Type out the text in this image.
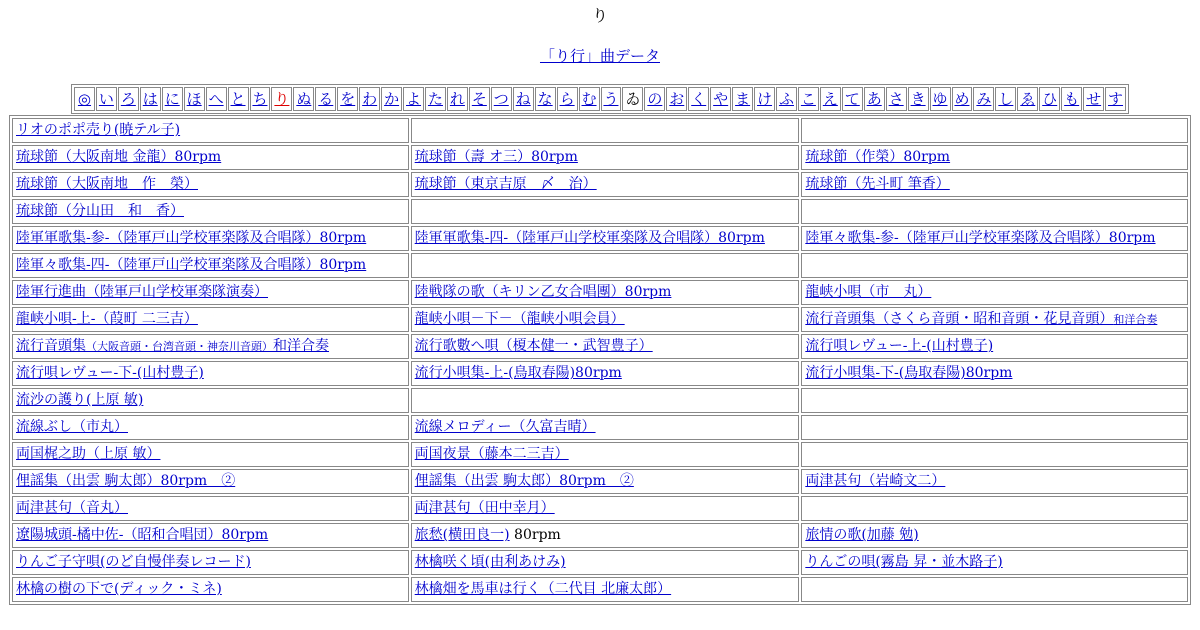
り
「り行」曲データ
◎ い ろ は に ほ へ と ち り ぬ る を わ か よ た れ そ つ ね な ら む う ゐ の お く や ま け ふ こ え て あ さ き ゆ め み し ゑ ひ も せ す
リオのポポ売り(暁テル子)		
琉球節（大阪南地 金龍）80rpm	琉球節（壽 オ三）80rpm	琉球節（作榮）80rpm
琉球節（大阪南地　作　榮）	琉球節（東京吉原　〆　治）	琉球節（先斗町 筆香）
琉球節（分山田　和　香）		
陸軍軍歌集-参-（陸軍戸山学校軍楽隊及合唱隊）80rpm	陸軍軍歌集-四-（陸軍戸山学校軍楽隊及合唱隊）80rpm	陸軍々歌集-参-（陸軍戸山学校軍楽隊及合唱隊）80rpm
陸軍々歌集-四-（陸軍戸山学校軍楽隊及合唱隊）80rpm		
陸軍行進曲（陸軍戸山学校軍楽隊演奏）	陸戦隊の歌（キリン乙女合唱團）80rpm	龍峡小唄（市　丸）
龍峡小唄-上-（葭町 二三吉）	龍峡小唄－下－（龍峡小唄会員）	流行音頭集（さくら音頭・昭和音頭・花見音頭）和洋合奏
流行音頭集（大阪音頭・台湾音頭・神奈川音頭）和洋合奏	流行歌數へ唄（榎本健一・武智豊子）	流行唄レヴュー-上-(山村豊子)
流行唄レヴュー-下-(山村豊子)	流行小唄集-上-(鳥取春陽)80rpm	流行小唄集-下-(鳥取春陽)80rpm
流沙の護り(上原 敏)		
流線ぶし（市丸）	流線メロディー（久富吉晴）	
両国梶之助（上原 敏）	両国夜景（藤本二三吉）	
俚謡集（出雲 駒太郎）80rpm　②	俚謡集（出雲 駒太郎）80rpm　②	両津甚句（岩崎文二）
両津甚句（音丸）	両津甚句（田中幸月）	
遼陽城頭-橘中佐-（昭和合唱団）80rpm	旅愁(横田良一) 80rpm	旅情の歌(加藤 勉)
りんご子守唄(のど自慢伴奏レコード)	林檎咲く頃(由利あけみ)	りんごの唄(霧島 昇・並木路子)
林檎の樹の下で(ディック・ミネ)	林檎畑を馬車は行く（二代目 北廉太郎）	
